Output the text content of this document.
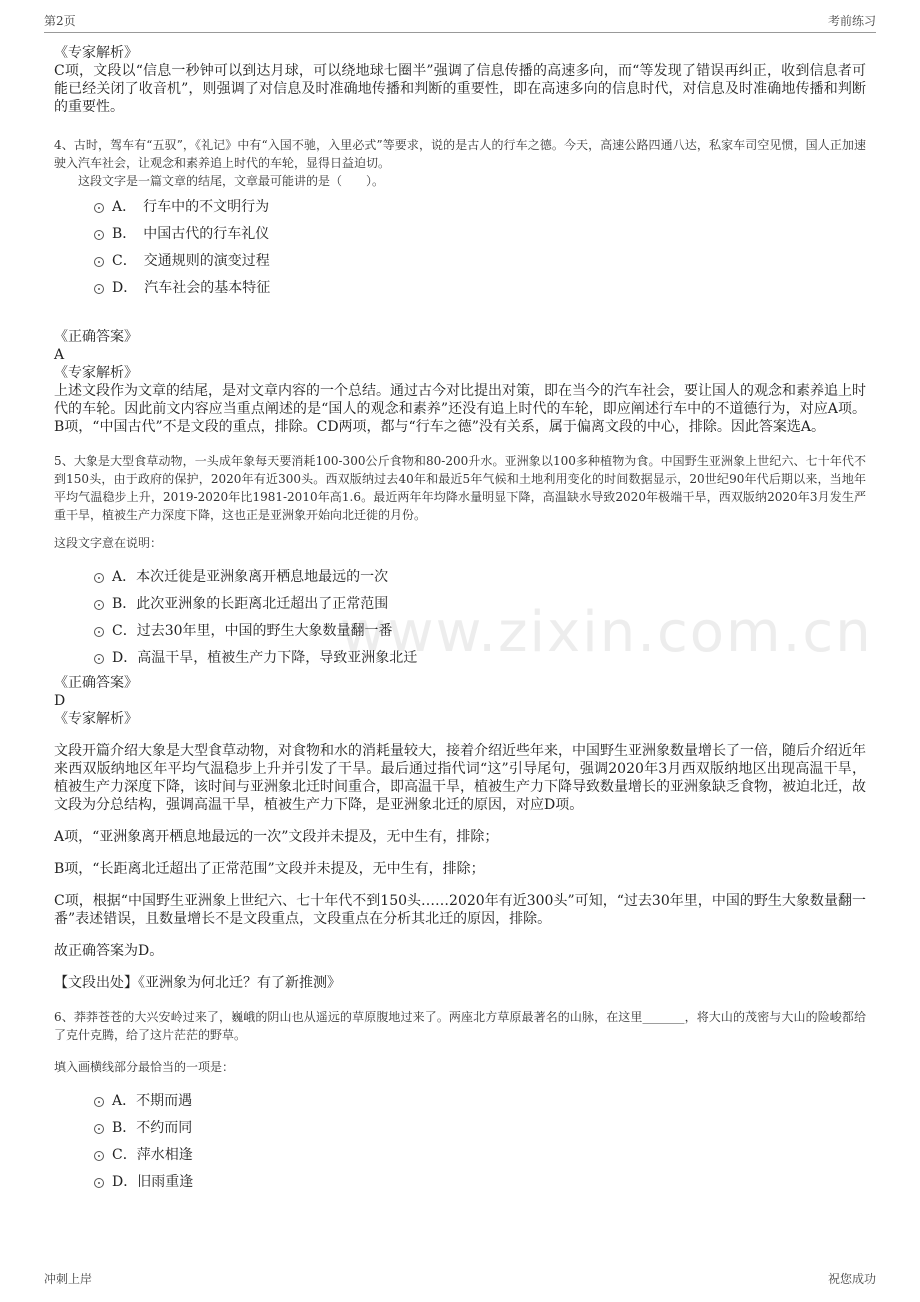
第2页	考前练习
www.zixin.com.cn

《专家解析》

C项，文段以“信息一秒钟可以到达月球，可以绕地球七圈半”强调了信息传播的高速多向，而“等发现了错误再纠正，收到信息者可能已经关闭了收音机”，则强调了对信息及时准确地传播和判断的重要性，即在高速多向的信息时代，对信息及时准确地传播和判断的重要性。

4、古时，驾车有“五驭”，《礼记》中有“入国不驰，入里必式”等要求，说的是古人的行车之德。今天，高速公路四通八达，私家车司空见惯，国人正加速驶入汽车社会，让观念和素养追上时代的车轮，显得日益迫切。

这段文字是一篇文章的结尾，文章最可能讲的是（　　）。

A．　行车中的不文明行为
B．　中国古代的行车礼仪
C．　交通规则的演变过程
D．　汽车社会的基本特征

《正确答案》

A

《专家解析》

上述文段作为文章的结尾，是对文章内容的一个总结。通过古今对比提出对策，即在当今的汽车社会，要让国人的观念和素养追上时代的车轮。因此前文内容应当重点阐述的是“国人的观念和素养”还没有追上时代的车轮，即应阐述行车中的不道德行为，对应A项。B项，“中国古代”不是文段的重点，排除。CD两项，都与“行车之德”没有关系，属于偏离文段的中心，排除。因此答案选A。

5、大象是大型食草动物，一头成年象每天要消耗100-300公斤食物和80-200升水。亚洲象以100多种植物为食。中国野生亚洲象上世纪六、七十年代不到150头，由于政府的保护，2020年有近300头。西双版纳过去40年和最近5年气候和土地利用变化的时间数据显示，20世纪90年代后期以来，当地年平均气温稳步上升，2019-2020年比1981-2010年高1.6。最近两年年均降水量明显下降，高温缺水导致2020年极端干旱，西双版纳2020年3月发生严重干旱，植被生产力深度下降，这也正是亚洲象开始向北迁徙的月份。

这段文字意在说明：

A．本次迁徙是亚洲象离开栖息地最远的一次
B．此次亚洲象的长距离北迁超出了正常范围
C．过去30年里，中国的野生大象数量翻一番
D．高温干旱，植被生产力下降，导致亚洲象北迁

《正确答案》

D

《专家解析》

文段开篇介绍大象是大型食草动物，对食物和水的消耗量较大，接着介绍近些年来，中国野生亚洲象数量增长了一倍，随后介绍近年来西双版纳地区年平均气温稳步上升并引发了干旱。最后通过指代词“这”引导尾句，强调2020年3月西双版纳地区出现高温干旱，植被生产力深度下降，该时间与亚洲象北迁时间重合，即高温干旱，植被生产力下降导致数量增长的亚洲象缺乏食物，被迫北迁，故文段为分总结构，强调高温干旱，植被生产力下降，是亚洲象北迁的原因，对应D项。

A项，“亚洲象离开栖息地最远的一次”文段并未提及，无中生有，排除；

B项，“长距离北迁超出了正常范围”文段并未提及，无中生有，排除；

C项，根据“中国野生亚洲象上世纪六、七十年代不到150头……2020年有近300头”可知，“过去30年里，中国的野生大象数量翻一番”表述错误，且数量增长不是文段重点，文段重点在分析其北迁的原因，排除。

故正确答案为D。

【文段出处】《亚洲象为何北迁？有了新推测》

6、莽莽苍苍的大兴安岭过来了，巍峨的阴山也从遥远的草原腹地过来了。两座北方草原最著名的山脉，在这里_______，将大山的茂密与大山的险峻都给了克什克腾，给了这片茫茫的野草。

填入画横线部分最恰当的一项是：

A．不期而遇
B．不约而同
C．萍水相逢
D．旧雨重逢
冲刺上岸	祝您成功
